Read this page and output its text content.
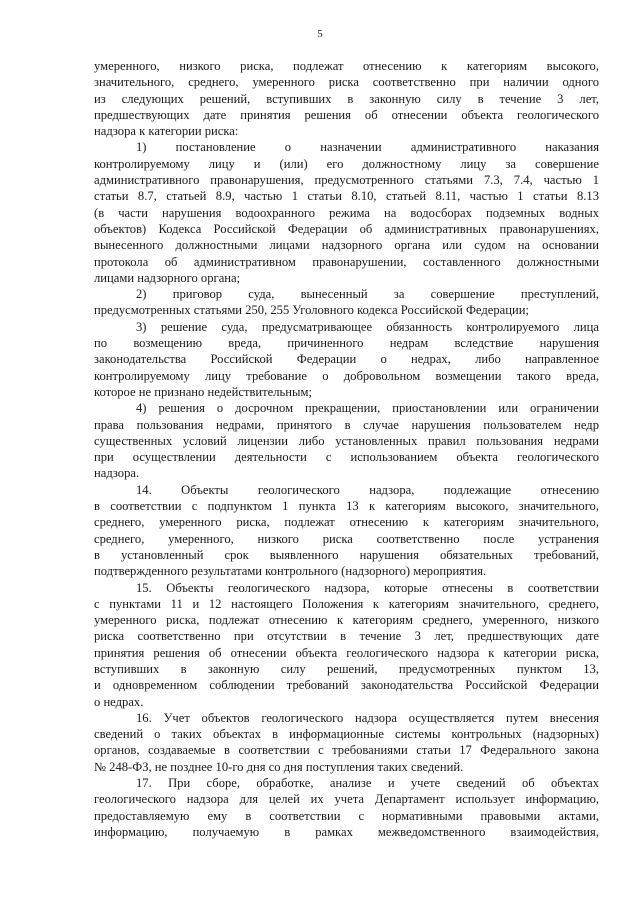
5

умеренного, низкого риска, подлежат отнесению к категориям высокого,

значительного, среднего, умеренного риска соответственно при наличии одного

из следующих решений, вступивших в законную силу в течение 3 лет,

предшествующих дате принятия решения об отнесении объекта геологического

надзора к категории риска:

1) постановление о назначении административного наказания

контролируемому лицу и (или) его должностному лицу за совершение

административного правонарушения, предусмотренного статьями 7.3, 7.4, частью 1

статьи 8.7, статьей 8.9, частью 1 статьи 8.10, статьей 8.11, частью 1 статьи 8.13

(в части нарушения водоохранного режима на водосборах подземных водных

объектов) Кодекса Российской Федерации об административных правонарушениях,

вынесенного должностными лицами надзорного органа или судом на основании

протокола об административном правонарушении, составленного должностными

лицами надзорного органа;

2) приговор суда, вынесенный за совершение преступлений,

предусмотренных статьями 250, 255 Уголовного кодекса Российской Федерации;

3) решение суда, предусматривающее обязанность контролируемого лица

по возмещению вреда, причиненного недрам вследствие нарушения

законодательства Российской Федерации о недрах, либо направленное

контролируемому лицу требование о добровольном возмещении такого вреда,

которое не признано недействительным;

4) решения о досрочном прекращении, приостановлении или ограничении

права пользования недрами, принятого в случае нарушения пользователем недр

существенных условий лицензии либо установленных правил пользования недрами

при осуществлении деятельности с использованием объекта геологического

надзора.

14. Объекты геологического надзора, подлежащие отнесению

в соответствии с подпунктом 1 пункта 13 к категориям высокого, значительного,

среднего, умеренного риска, подлежат отнесению к категориям значительного,

среднего, умеренного, низкого риска соответственно после устранения

в установленный срок выявленного нарушения обязательных требований,

подтвержденного результатами контрольного (надзорного) мероприятия.

15. Объекты геологического надзора, которые отнесены в соответствии

с пунктами 11 и 12 настоящего Положения к категориям значительного, среднего,

умеренного риска, подлежат отнесению к категориям среднего, умеренного, низкого

риска соответственно при отсутствии в течение 3 лет, предшествующих дате

принятия решения об отнесении объекта геологического надзора к категории риска,

вступивших в законную силу решений, предусмотренных пунктом 13,

и одновременном соблюдении требований законодательства Российской Федерации

о недрах.

16. Учет объектов геологического надзора осуществляется путем внесения

сведений о таких объектах в информационные системы контрольных (надзорных)

органов, создаваемые в соответствии с требованиями статьи 17 Федерального закона

№ 248-ФЗ, не позднее 10-го дня со дня поступления таких сведений.

17. При сборе, обработке, анализе и учете сведений об объектах

геологического надзора для целей их учета Департамент использует информацию,

предоставляемую ему в соответствии с нормативными правовыми актами,

информацию, получаемую в рамках межведомственного взаимодействия,
